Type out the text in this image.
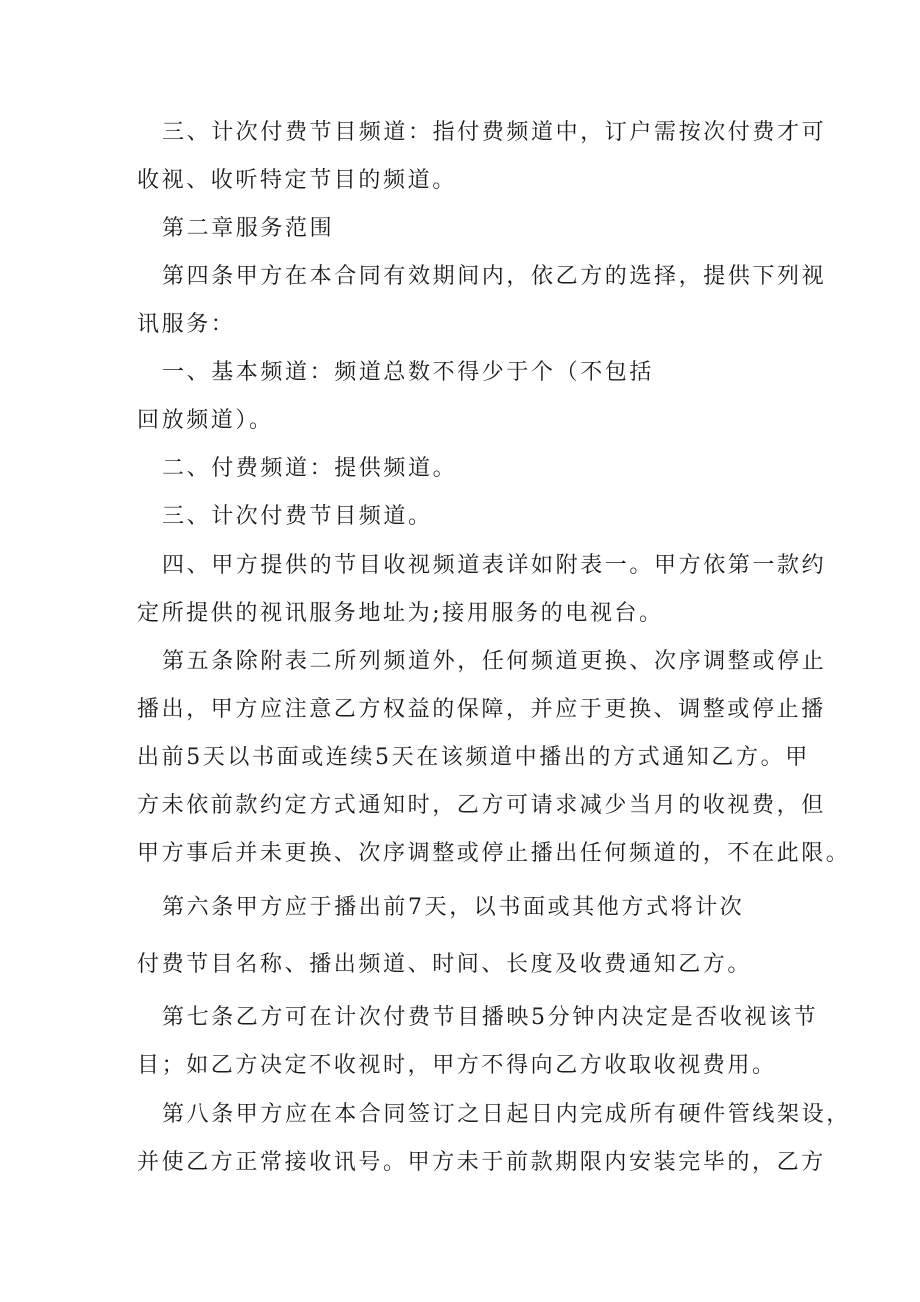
三、计次付费节目频道：指付费频道中，订户需按次付费才可
收视、收听特定节目的频道。
第二章服务范围
第四条甲方在本合同有效期间内，依乙方的选择，提供下列视
讯服务：
一、基本频道：频道总数不得少于个（不包括
回放频道）。
二、付费频道：提供频道。
三、计次付费节目频道。
四、甲方提供的节目收视频道表详如附表一。甲方依第一款约
定所提供的视讯服务地址为;接用服务的电视台。
第五条除附表二所列频道外，任何频道更换、次序调整或停止
播出，甲方应注意乙方权益的保障，并应于更换、调整或停止播
出前5天以书面或连续5天在该频道中播出的方式通知乙方。甲
方未依前款约定方式通知时，乙方可请求减少当月的收视费，但
甲方事后并未更换、次序调整或停止播出任何频道的，不在此限。
第六条甲方应于播出前7天，以书面或其他方式将计次
付费节目名称、播出频道、时间、长度及收费通知乙方。
第七条乙方可在计次付费节目播映5分钟内决定是否收视该节
目；如乙方决定不收视时，甲方不得向乙方收取收视费用。
第八条甲方应在本合同签订之日起日内完成所有硬件管线架设，
并使乙方正常接收讯号。甲方未于前款期限内安装完毕的，乙方
